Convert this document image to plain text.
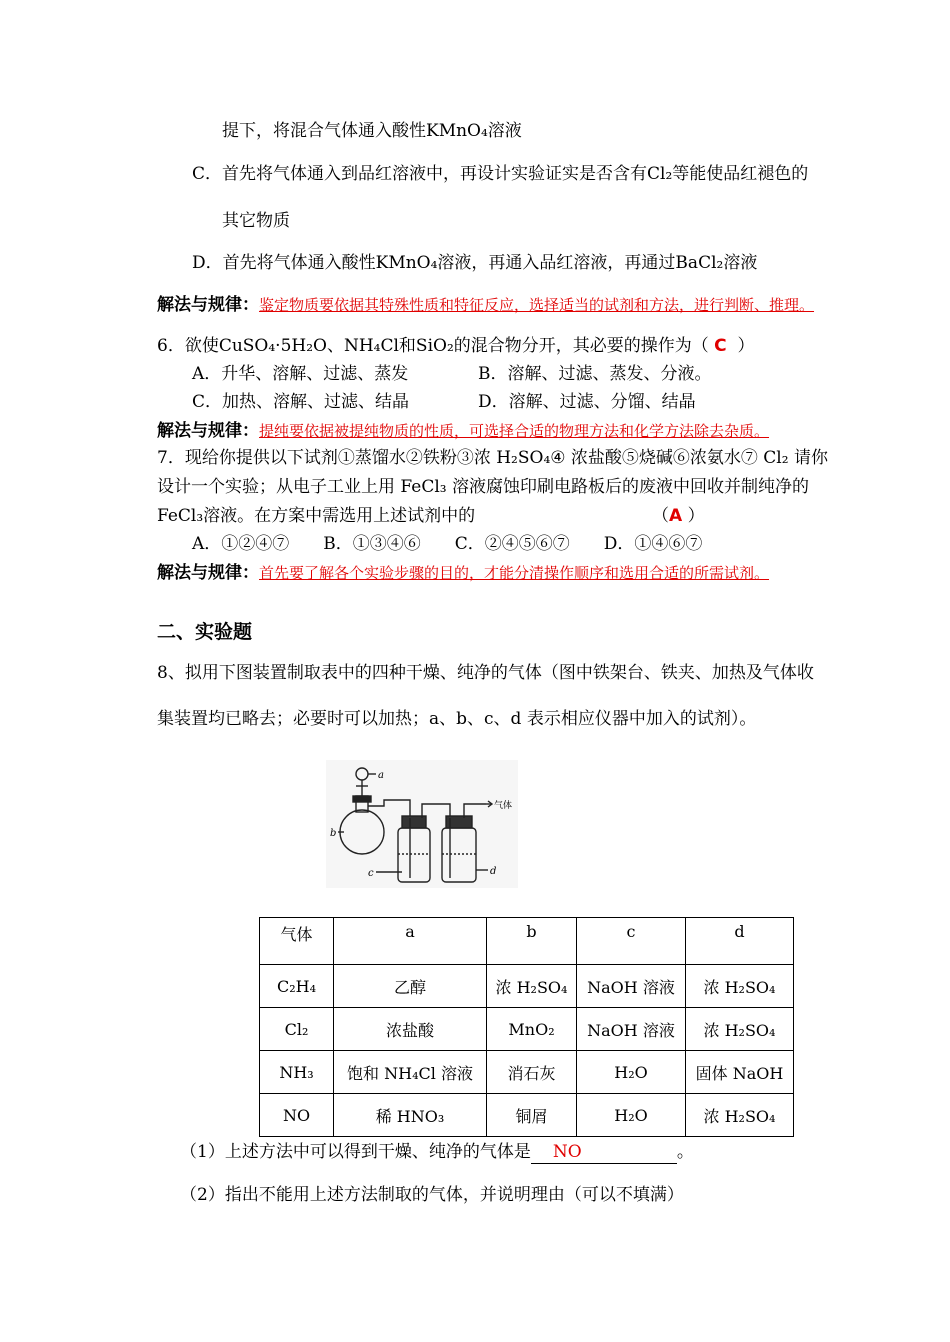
提下，将混合气体通入酸性KMnO₄溶液
C．首先将气体通入到品红溶液中，再设计实验证实是否含有Cl₂等能使品红褪色的
其它物质
D．首先将气体通入酸性KMnO₄溶液，再通入品红溶液，再通过BaCl₂溶液
解法与规律：鉴定物质要依据其特殊性质和特征反应，选择适当的试剂和方法，进行判断、推理。
6．欲使CuSO₄·5H₂O、NH₄Cl和SiO₂的混合物分开，其必要的操作为（ C ）
A．升华、溶解、过滤、蒸发	B．溶解、过滤、蒸发、分液。
C．加热、溶解、过滤、结晶	D．溶解、过滤、分馏、结晶
解法与规律：提纯要依据被提纯物质的性质，可选择合适的物理方法和化学方法除去杂质。
7．现给你提供以下试剂①蒸馏水②铁粉③浓 H₂SO₄④ 浓盐酸⑤烧碱⑥浓氨水⑦ Cl₂ 请你
设计一个实验；从电子工业上用 FeCl₃ 溶液腐蚀印刷电路板后的废液中回收并制纯净的
FeCl₃溶液。在方案中需选用上述试剂中的	（A ）
A．①②④⑦　　B．①③④⑥　　C．②④⑤⑥⑦　　D．①④⑥⑦
解法与规律：首先要了解各个实验步骤的目的，才能分清操作顺序和选用合适的所需试剂。
二、实验题
8、拟用下图装置制取表中的四种干燥、纯净的气体（图中铁架台、铁夹、加热及气体收
集装置均已略去；必要时可以加热；a、b、c、d 表示相应仪器中加入的试剂）。
a
b
c	d
气体
气体	a	b	c	d
C₂H₄	乙醇	浓 H₂SO₄	NaOH 溶液	浓 H₂SO₄
Cl₂	浓盐酸	MnO₂	NaOH 溶液	浓 H₂SO₄
NH₃	饱和 NH₄Cl 溶液	消石灰	H₂O	固体 NaOH
NO	稀 HNO₃	铜屑	H₂O	浓 H₂SO₄
（1）上述方法中可以得到干燥、纯净的气体是 NO	。
（2）指出不能用上述方法制取的气体，并说明理由（可以不填满）
